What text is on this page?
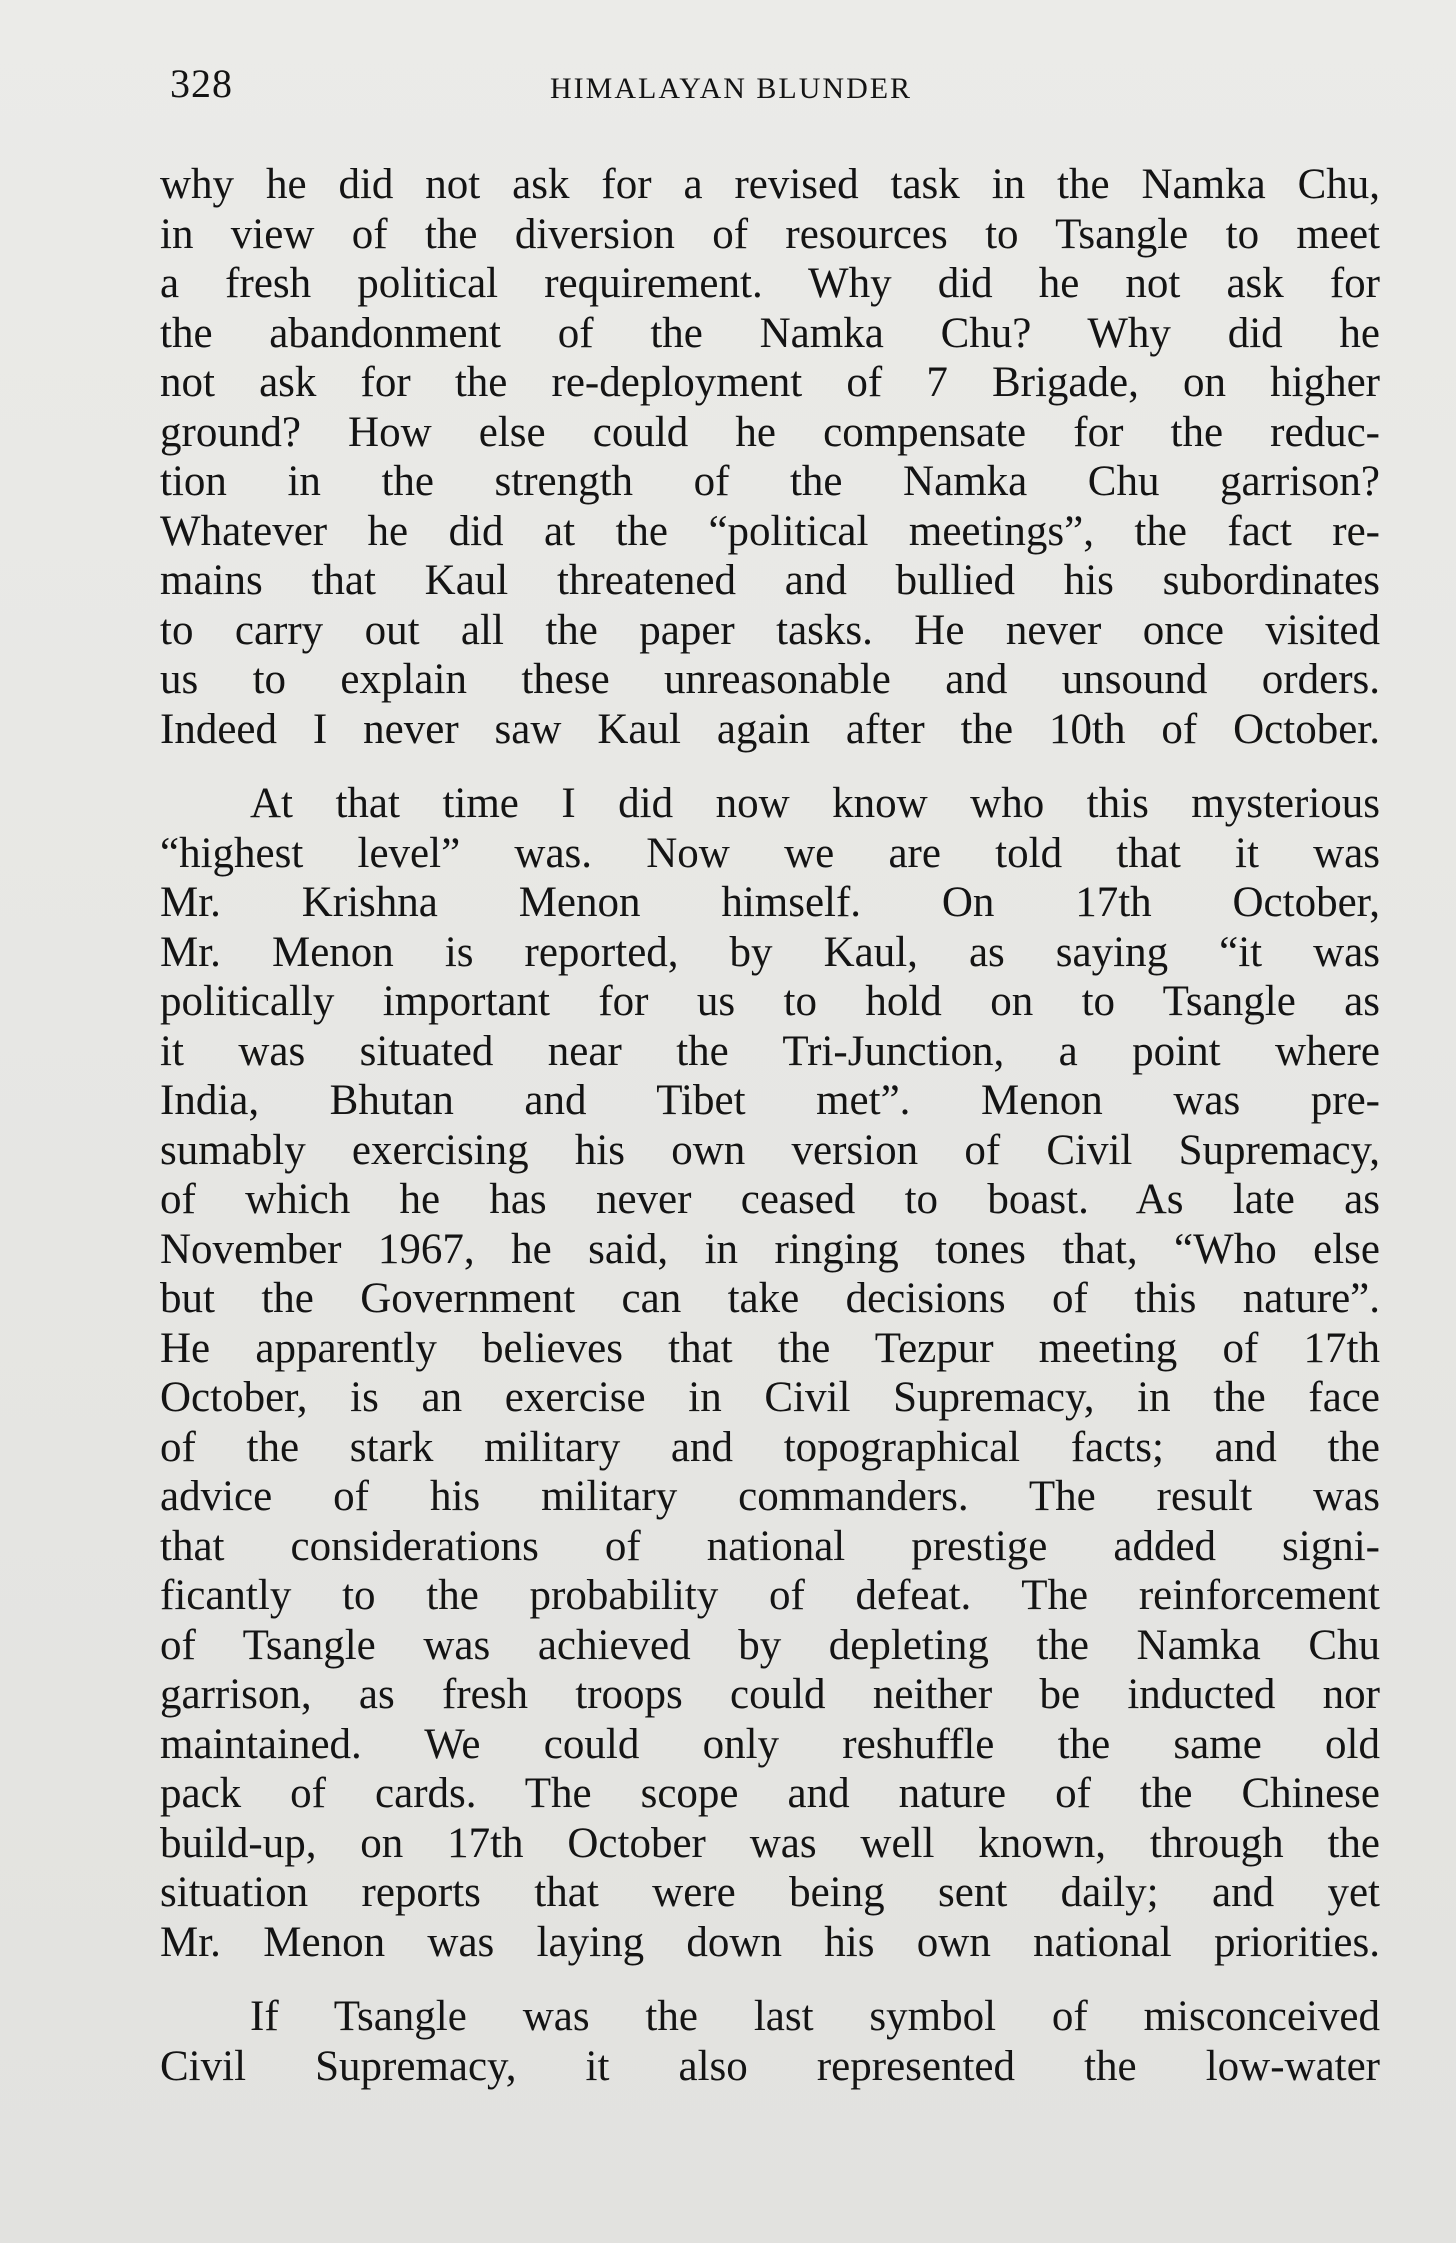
328	HIMALAYAN BLUNDER
why he did not ask for a revised task in the Namka Chu,
in view of the diversion of resources to Tsangle to meet
a fresh political requirement. Why did he not ask for
the abandonment of the Namka Chu? Why did he
not ask for the re-deployment of 7 Brigade, on higher
ground? How else could he compensate for the reduc-
tion in the strength of the Namka Chu garrison?
Whatever he did at the “political meetings”, the fact re-
mains that Kaul threatened and bullied his subordinates
to carry out all the paper tasks. He never once visited
us to explain these unreasonable and unsound orders.
Indeed I never saw Kaul again after the 10th of October.
At that time I did now know who this mysterious
“highest level” was. Now we are told that it was
Mr. Krishna Menon himself. On 17th October,
Mr. Menon is reported, by Kaul, as saying “it was
politically important for us to hold on to Tsangle as
it was situated near the Tri-Junction, a point where
India, Bhutan and Tibet met”. Menon was pre-
sumably exercising his own version of Civil Supremacy,
of which he has never ceased to boast. As late as
November 1967, he said, in ringing tones that, “Who else
but the Government can take decisions of this nature”.
He apparently believes that the Tezpur meeting of 17th
October, is an exercise in Civil Supremacy, in the face
of the stark military and topographical facts; and the
advice of his military commanders. The result was
that considerations of national prestige added signi-
ficantly to the probability of defeat. The reinforcement
of Tsangle was achieved by depleting the Namka Chu
garrison, as fresh troops could neither be inducted nor
maintained. We could only reshuffle the same old
pack of cards. The scope and nature of the Chinese
build-up, on 17th October was well known, through the
situation reports that were being sent daily; and yet
Mr. Menon was laying down his own national priorities.
If Tsangle was the last symbol of misconceived
Civil Supremacy, it also represented the low-water
